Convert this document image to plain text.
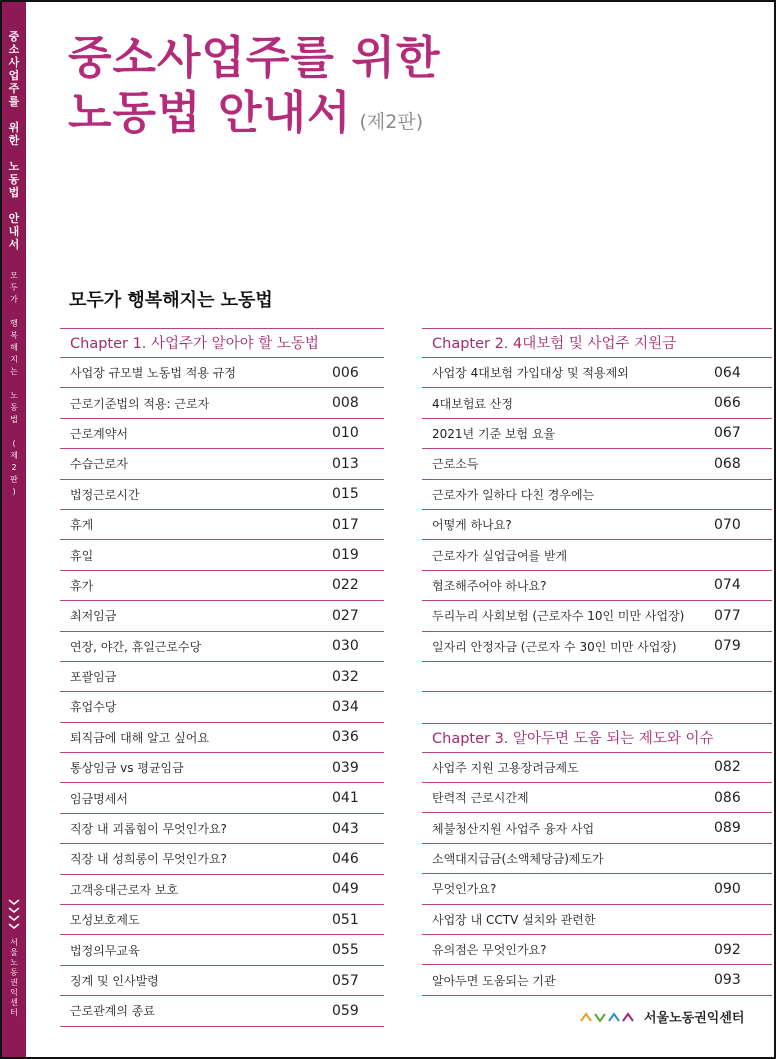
중
소
사
업
주
를

위
한

노
동
법

안
내
서
모
두
가

행
복
해
지
는

노
동
법

(
제
2
판
)
서
울
노
동
권
익
센
터
중소사업주를 위한
노동법 안내서 (제2판)
모두가 행복해지는 노동법
Chapter 1. 사업주가 알아야 할 노동법
사업장 규모별 노동법 적용 규정	006
근로기준법의 적용: 근로자	008
근로계약서	010
수습근로자	013
법정근로시간	015
휴게	017
휴일	019
휴가	022
최저임금	027
연장, 야간, 휴일근로수당	030
포괄임금	032
휴업수당	034
퇴직금에 대해 알고 싶어요	036
통상임금 vs 평균임금	039
임금명세서	041
직장 내 괴롭힘이 무엇인가요?	043
직장 내 성희롱이 무엇인가요?	046
고객응대근로자 보호	049
모성보호제도	051
법정의무교육	055
징계 및 인사발령	057
근로관계의 종료	059
Chapter 2. 4대보험 및 사업주 지원금
사업장 4대보험 가입대상 및 적용제외	064
4대보험료 산정	066
2021년 기준 보험 요율	067
근로소득	068
근로자가 일하다 다친 경우에는
어떻게 하나요?	070
근로자가 실업급여를 받게
협조해주어야 하나요?	074
두리누리 사회보험 (근로자수 10인 미만 사업장) 077
일자리 안정자금 (근로자 수 30인 미만 사업장)	079
Chapter 3. 알아두면 도움 되는 제도와 이슈
사업주 지원 고용장려금제도	082
탄력적 근로시간제	086
체불청산지원 사업주 융자 사업	089
소액대지급금(소액체당금)제도가
무엇인가요?	090
사업장 내 CCTV 설치와 관련한
유의점은 무엇인가요?	092
알아두면 도움되는 기관	093
서울노동권익센터
